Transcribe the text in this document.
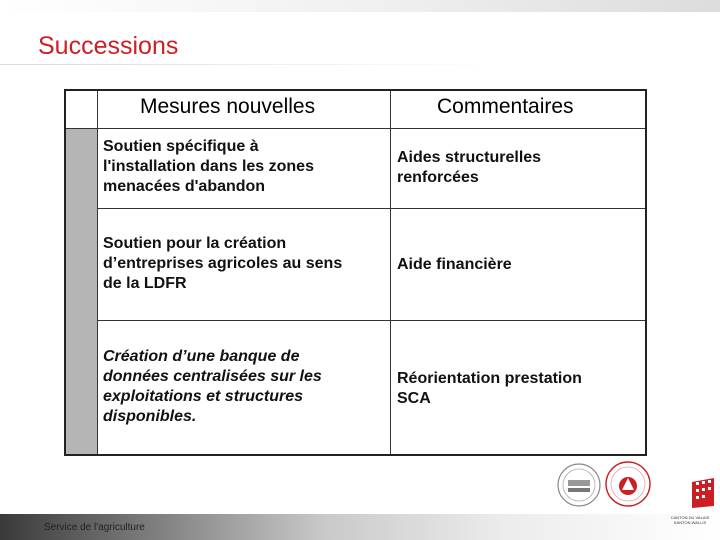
Successions
Mesures nouvelles	Commentaires
Soutien spécifique à
l'installation dans les zones
menacées d'abandon
Aides structurelles
renforcées
Soutien pour la création
d’entreprises agricoles au sens
de la LDFR
Aide financière
Création d’une banque de
données centralisées sur les
exploitations et structures
disponibles.
Réorientation prestation
SCA
Service de l'agriculture
CANTON DU VALAIS
KANTON WALLIS
